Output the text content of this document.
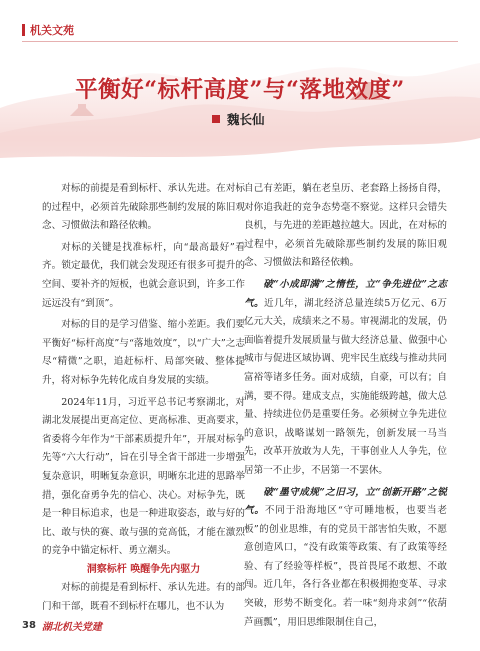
机关文苑
平衡好“标杆高度”与“落地效度”
魏长仙

对标的前提是看到标杆、承认先进。在对标的过程中，必须首先破除那些制约发展的陈旧观念、习惯做法和路径依赖。

对标的关键是找准标杆，向“最高最好”看齐。锁定最优，我们就会发现还有很多可提升的空间、要补齐的短板，也就会意识到，许多工作远远没有“到顶”。

对标的目的是学习借鉴、缩小差距。我们要平衡好“标杆高度”与“落地效度”，以“广大”之志尽“精微”之职，追赶标杆、局部突破、整体提升，将对标争先转化成自身发展的实绩。

2024年11月，习近平总书记考察湖北，对湖北发展提出更高定位、更高标准、更高要求，省委将今年作为“干部素质提升年”，开展对标争先等“六大行动”，旨在引导全省干部进一步增强复杂意识，明晰复杂意识，明晰东北进的思路举措，强化奋勇争先的信心、决心。对标争先，既是一种目标追求，也是一种进取姿态，敢与好的比、敢与快的赛、敢与强的竞高低，才能在激烈的竞争中锚定标杆、勇立潮头。

洞察标杆 唤醒争先内驱力

对标的前提是看到标杆、承认先进。有的部门和干部，既看不到标杆在哪儿，也不认为

自己有差距，躺在老皇历、老套路上扬扬自得，对你追我赶的竞争态势毫不察觉。这样只会错失良机，与先进的差距越拉越大。因此，在对标的过程中，必须首先破除那些制约发展的陈旧观念、习惯做法和路径依赖。

破“小成即满”之惰性，立“争先进位”之志气。近几年，湖北经济总量连续5万亿元、6万亿元大关，成绩来之不易。审视湖北的发展，仍面临着提升发展质量与做大经济总量、做强中心城市与促进区域协调、兜牢民生底线与推动共同富裕等诸多任务。面对成绩，自豪，可以有；自满，要不得。建成支点，实施能级跨越，做大总量、持续进位仍是重要任务。必须树立争先进位的意识，战略谋划一路领先，创新发展一马当先，改革开放敢为人先，干事创业人人争先，位居第一不止步，不居第一不罢休。

破“墨守成规”之旧习，立“创新开路”之锐气。不同于沿海地区“守可睡地板，也要当老板”的创业思维，有的党员干部害怕失败，不愿意创造风口，“没有政策等政策、有了政策等经验、有了经验等样板”，畏首畏尾不敢想、不敢闯。近几年，各行各业都在积极拥抱变革、寻求突破，形势不断变化。若一味“刻舟求剑”“依葫芦画瓢”，用旧思维限制住自己，

38 湖北机关党建
